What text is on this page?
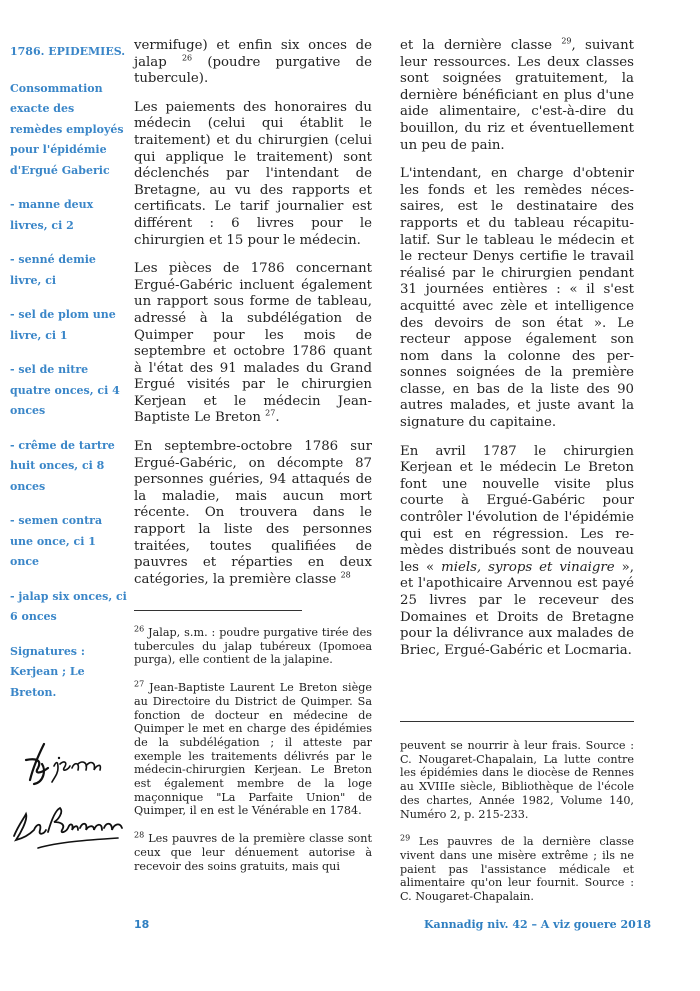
1786. EPIDEMIES.

Consommation exacte des remèdes employés pour l'épidémie d'Ergué Gaberic

- manne deux livres, ci 2

- senné demie livre, ci

- sel de plom une livre, ci 1

- sel de nitre quatre onces, ci 4 onces

- crême de tartre huit onces, ci 8 onces

- semen contra une once, ci 1 once

- jalap six onces, ci 6 onces

Signatures : Kerjean ; Le Breton.

vermifuge) et enfin six onces de jalap $^{26}$ (poudre purgative de tubercule).

Les paiements des honoraires du médecin (celui qui établit le traitement) et du chirurgien (celui qui applique le traitement) sont déclenchés par l'intendant de Bretagne, au vu des rapports et certificats. Le tarif journalier est différent : 6 livres pour le chirurgien et 15 pour le médecin.

Les pièces de 1786 concernant Ergué-Gabéric incluent également un rapport sous forme de tableau, adressé à la subdélégation de Quimper pour les mois de septembre et octobre 1786 quant à l'état des 91 malades du Grand Ergué visités par le chirurgien Kerjean et le médecin Jean-Baptiste Le Breton $^{27}$.

En septembre-octobre 1786 sur Ergué-Gabéric, on décompte 87 personnes guéries, 94 attaqués de la maladie, mais aucun mort récente. On trouvera dans le rapport la liste des personnes traitées, toutes qualifiées de pauvres et réparties en deux catégories, la première classe $^{28}$

$^{26}$ Jalap, s.m. : poudre purgative tirée des tubercules du jalap tubéreux (Ipomoea purga), elle contient de la jalapine.

$^{27}$ Jean-Baptiste Laurent Le Breton siège au Directoire du District de Quimper. Sa fonction de docteur en médecine de Quimper le met en charge des épidémies de la subdélégation ; il atteste par exemple les traitements délivrés par le médecin-chirurgien Kerjean. Le Breton est également membre de la loge maçonnique "La Parfaite Union" de Quimper, il en est le Vénérable en 1784.

$^{28}$ Les pauvres de la première classe sont ceux que leur dénuement autorise à recevoir des soins gratuits, mais qui

et la dernière classe $^{29}$, suivant leur ressources. Les deux classes sont soignées gratuitement, la dernière bénéficiant en plus d'une aide alimentaire, c'est-à-dire du bouillon, du riz et éventuellement un peu de pain.

L'intendant, en charge d'obtenir les fonds et les remèdes nécessaires, est le destinataire des rapports et du tableau récapitulatif. Sur le tableau le médecin et le recteur Denys certifie le travail réalisé par le chirurgien pendant 31 journées entières : « il s'est acquitté avec zèle et intelligence des devoirs de son état ». Le recteur appose également son nom dans la colonne des personnes soignées de la première classe, en bas de la liste des 90 autres malades, et juste avant la signature du capitaine.

En avril 1787 le chirurgien Kerjean et le médecin Le Breton font une nouvelle visite plus courte à Ergué-Gabéric pour contrôler l'évolution de l'épidémie qui est en régression. Les remèdes distribués sont de nouveau les « miels, syrops et vinaigre », et l'apothicaire Arvennou est payé 25 livres par le receveur des Domaines et Droits de Bretagne pour la délivrance aux malades de Briec, Ergué-Gabéric et Locmaria.

peuvent se nourrir à leur frais. Source : C. Nougaret-Chapalain, La lutte contre les épidémies dans le diocèse de Rennes au XVIIIe siècle, Bibliothèque de l'école des chartes, Année 1982, Volume 140, Numéro 2, p. 215-233.

$^{29}$ Les pauvres de la dernière classe vivent dans une misère extrême ; ils ne paient pas l'assistance médicale et alimentaire qu'on leur fournit. Source : C. Nougaret-Chapalain.

18	Kannadig niv. 42 – A viz gouere 2018
